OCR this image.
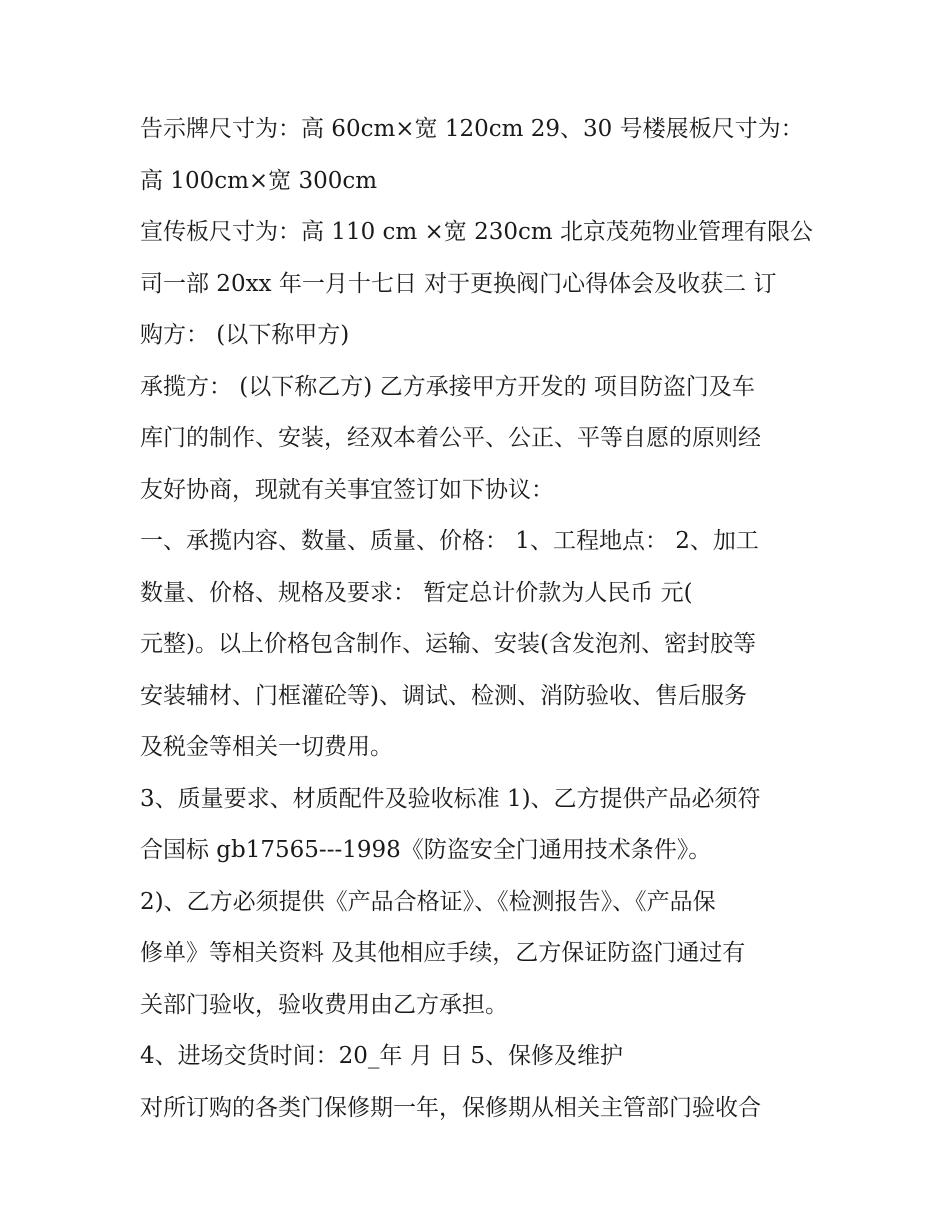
告示牌尺寸为：高 60cm×宽 120cm 29、30 号楼展板尺寸为：
高 100cm×宽 300cm
宣传板尺寸为：高 110 cm ×宽 230cm 北京茂苑物业管理有限公
司一部 20xx 年一月十七日 对于更换阀门心得体会及收获二 订
购方： (以下称甲方)
承揽方： (以下称乙方) 乙方承接甲方开发的 项目防盗门及车
库门的制作、安装，经双本着公平、公正、平等自愿的原则经
友好协商，现就有关事宜签订如下协议：
一、承揽内容、数量、质量、价格： 1、工程地点： 2、加工
数量、价格、规格及要求： 暂定总计价款为人民币 元(
元整)。以上价格包含制作、运输、安装(含发泡剂、密封胶等
安装辅材、门框灌砼等)、调试、检测、消防验收、售后服务
及税金等相关一切费用。
3、质量要求、材质配件及验收标准 1)、乙方提供产品必须符
合国标 gb17565---1998《防盗安全门通用技术条件》。
2)、乙方必须提供《产品合格证》、《检测报告》、《产品保
修单》等相关资料 及其他相应手续，乙方保证防盗门通过有
关部门验收，验收费用由乙方承担。
4、进场交货时间：20_年 月 日 5、保修及维护
对所订购的各类门保修期一年，保修期从相关主管部门验收合
